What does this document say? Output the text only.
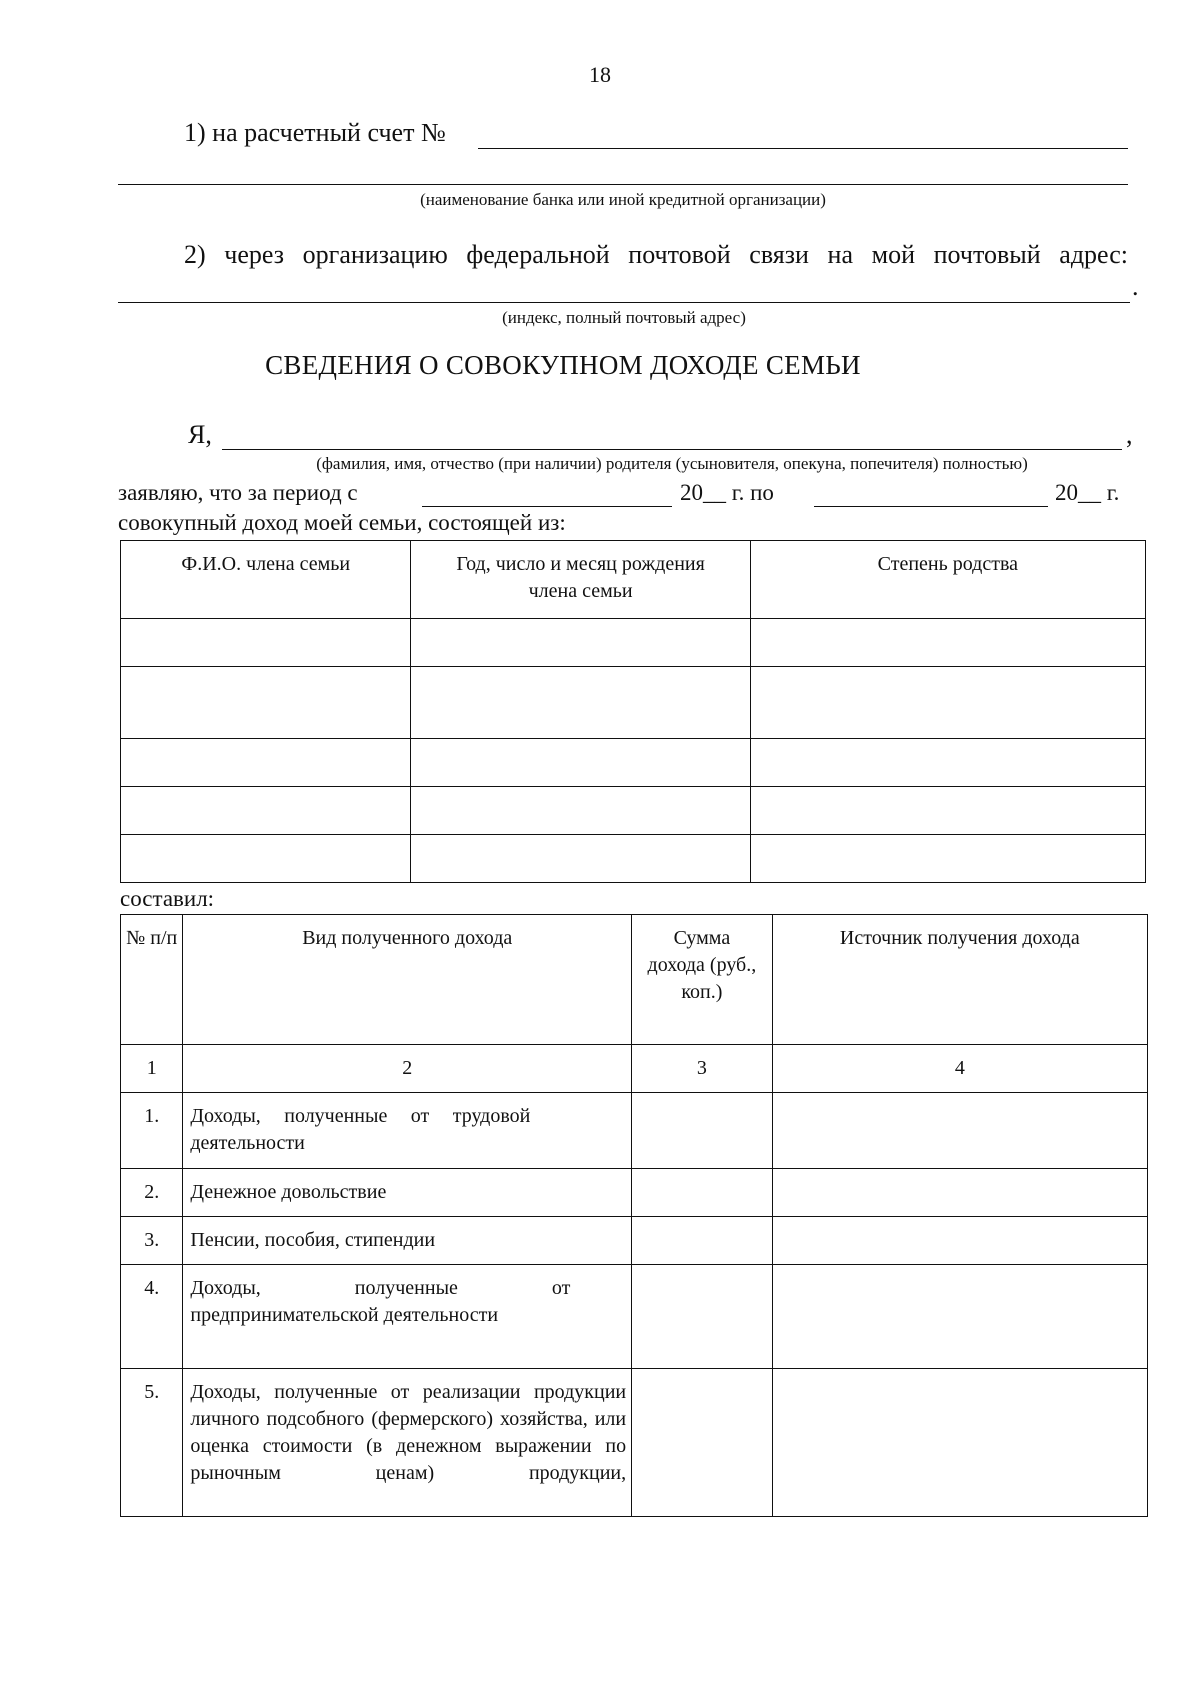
18
1) на расчетный счет №
(наименование банка или иной кредитной организации)
2) через организацию федеральной почтовой связи на мой почтовый адрес:
.
(индекс, полный почтовый адрес)
СВЕДЕНИЯ О СОВОКУПНОМ ДОХОДЕ СЕМЬИ
Я,	,
(фамилия, имя, отчество (при наличии) родителя (усыновителя, опекуна, попечителя) полностью)
заявляю, что за период с	20__ г. по	20__ г.
совокупный доход моей семьи, состоящей из:
Ф.И.О. члена семьи	Год, число и месяц рождения члена семьи	Степень родства

составил:
№ п/п	Вид полученного дохода	Сумма дохода (руб., коп.)	Источник получения дохода
1	2	3	4
1.	Доходы, полученные от трудовой деятельности		

2.	Денежное довольствие		
3.	Пенсии, пособия, стипендии		
4.	Доходы, полученные от предпринимательской деятельности		

5.	Доходы, полученные от реализации продукции личного подсобного (фермерского) хозяйства, или оценка стоимости (в денежном выражении по рыночным ценам) продукции,		
